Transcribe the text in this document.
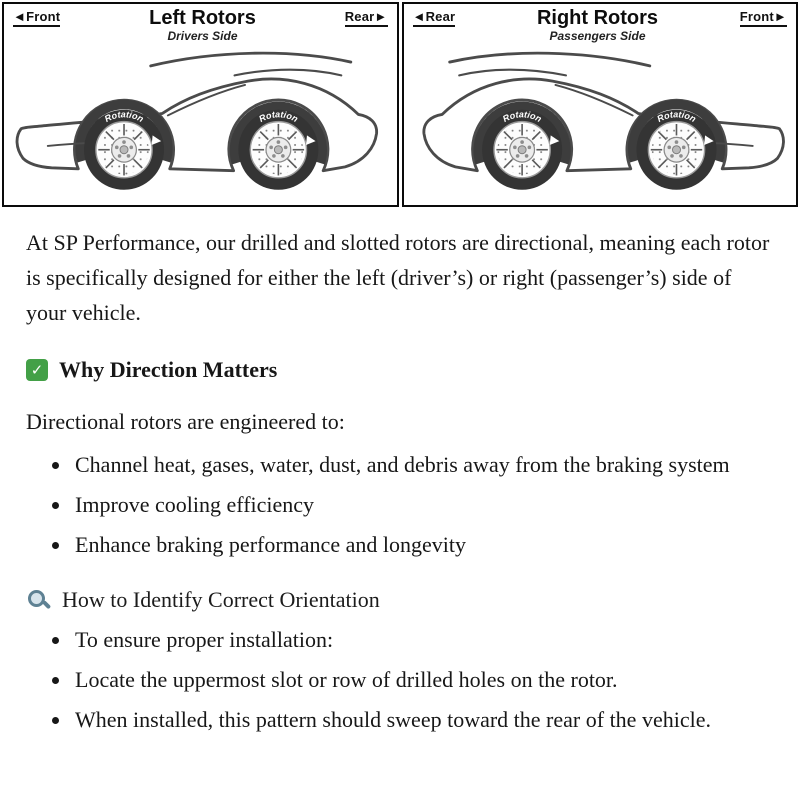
◄Front	Left Rotors
Drivers Side
Rear►
Rotation	Rotation
◄Rear	Right Rotors
Passengers Side
Front►
Rotation
Rotation

At SP Performance, our drilled and slotted rotors are directional, meaning each rotor is specifically designed for either the left (driver’s) or right (passenger’s) side of your vehicle.

✓ Why Direction Matters

Directional rotors are engineered to:

• Channel heat, gases, water, dust, and debris away from the braking system
• Improve cooling efficiency
• Enhance braking performance and longevity
How to Identify Correct Orientation
• To ensure proper installation:
• Locate the uppermost slot or row of drilled holes on the rotor.
• When installed, this pattern should sweep toward the rear of the vehicle.
